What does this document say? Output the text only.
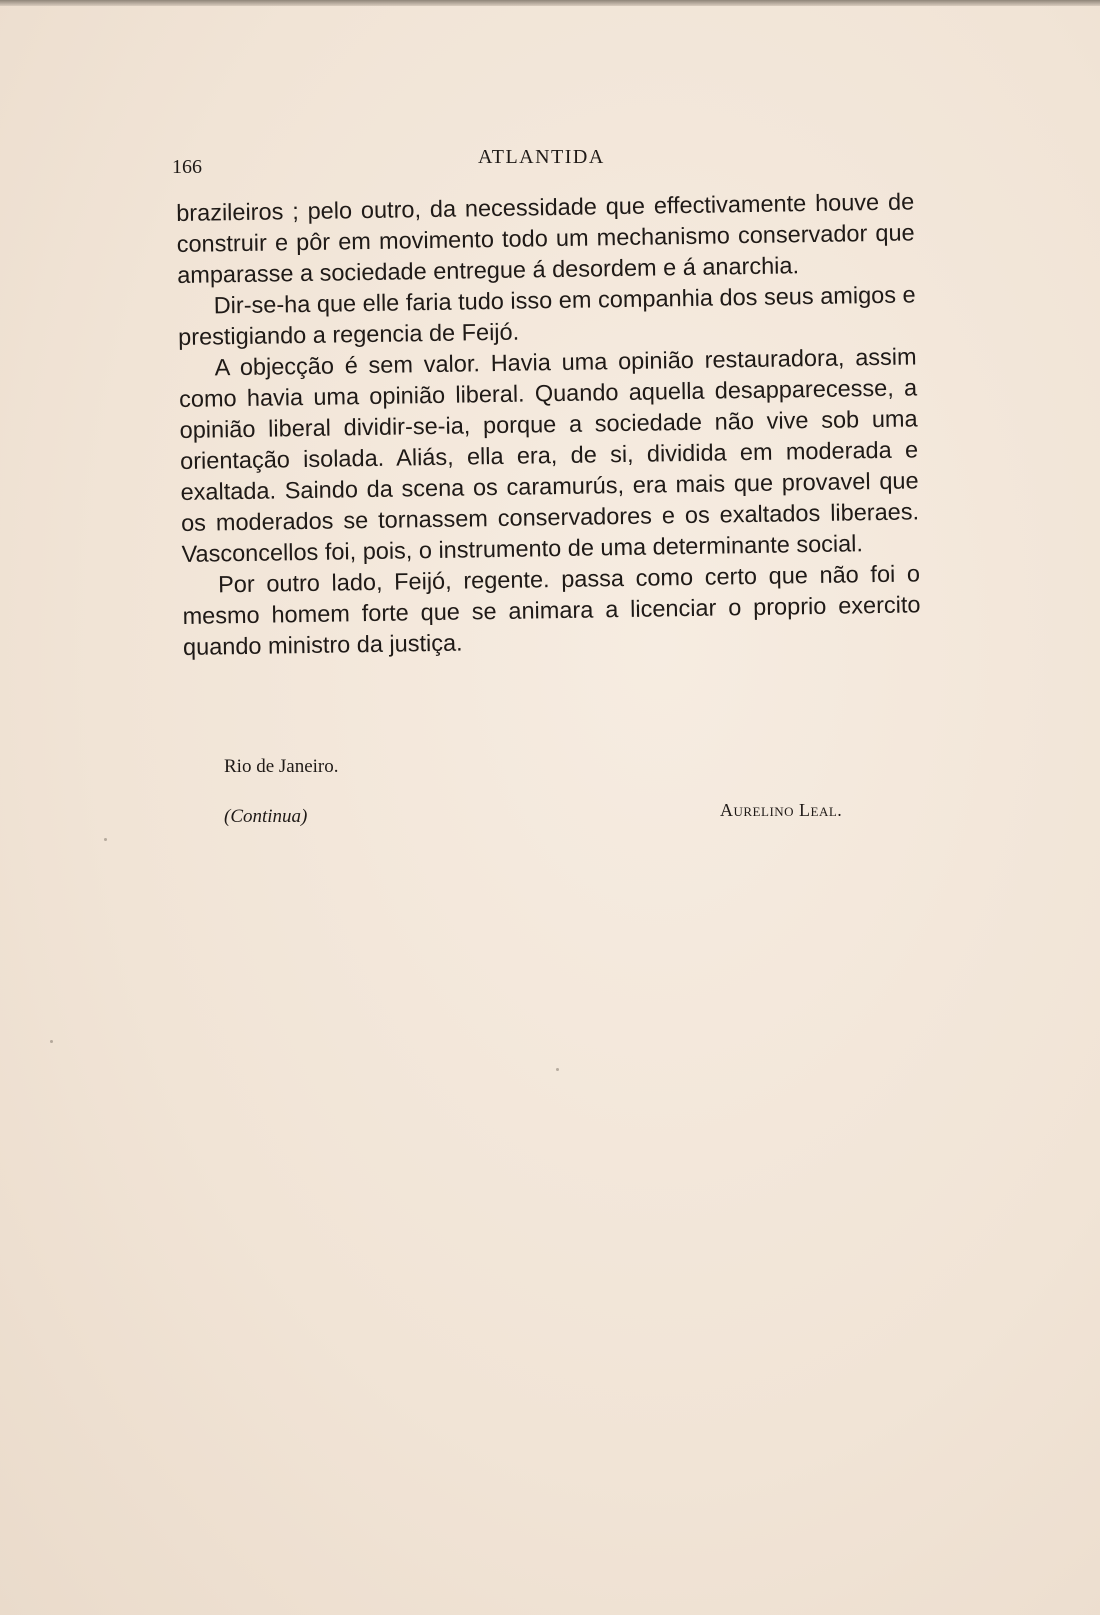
166	ATLANTIDA

brazileiros ; pelo outro, da necessidade que effectivamente houve de construir e pôr em movimento todo um mechanismo conservador que amparasse a sociedade entregue á desordem e á anarchia.

Dir-se-ha que elle faria tudo isso em companhia dos seus amigos e prestigiando a regencia de Feijó.

A objecção é sem valor. Havia uma opinião restauradora, assim como havia uma opinião liberal. Quando aquella desapparecesse, a opinião liberal dividir-se-ia, porque a sociedade não vive sob uma orientação isolada. Aliás, ella era, de si, dividida em moderada e exaltada. Saindo da scena os caramurús, era mais que provavel que os moderados se tornassem conservadores e os exaltados liberaes. Vasconcellos foi, pois, o instrumento de uma determinante social.

Por outro lado, Feijó, regente. passa como certo que não foi o mesmo homem forte que se animara a licenciar o proprio exercito quando ministro da justiça.

Rio de Janeiro.
(Continua)	Aurelino Leal.
